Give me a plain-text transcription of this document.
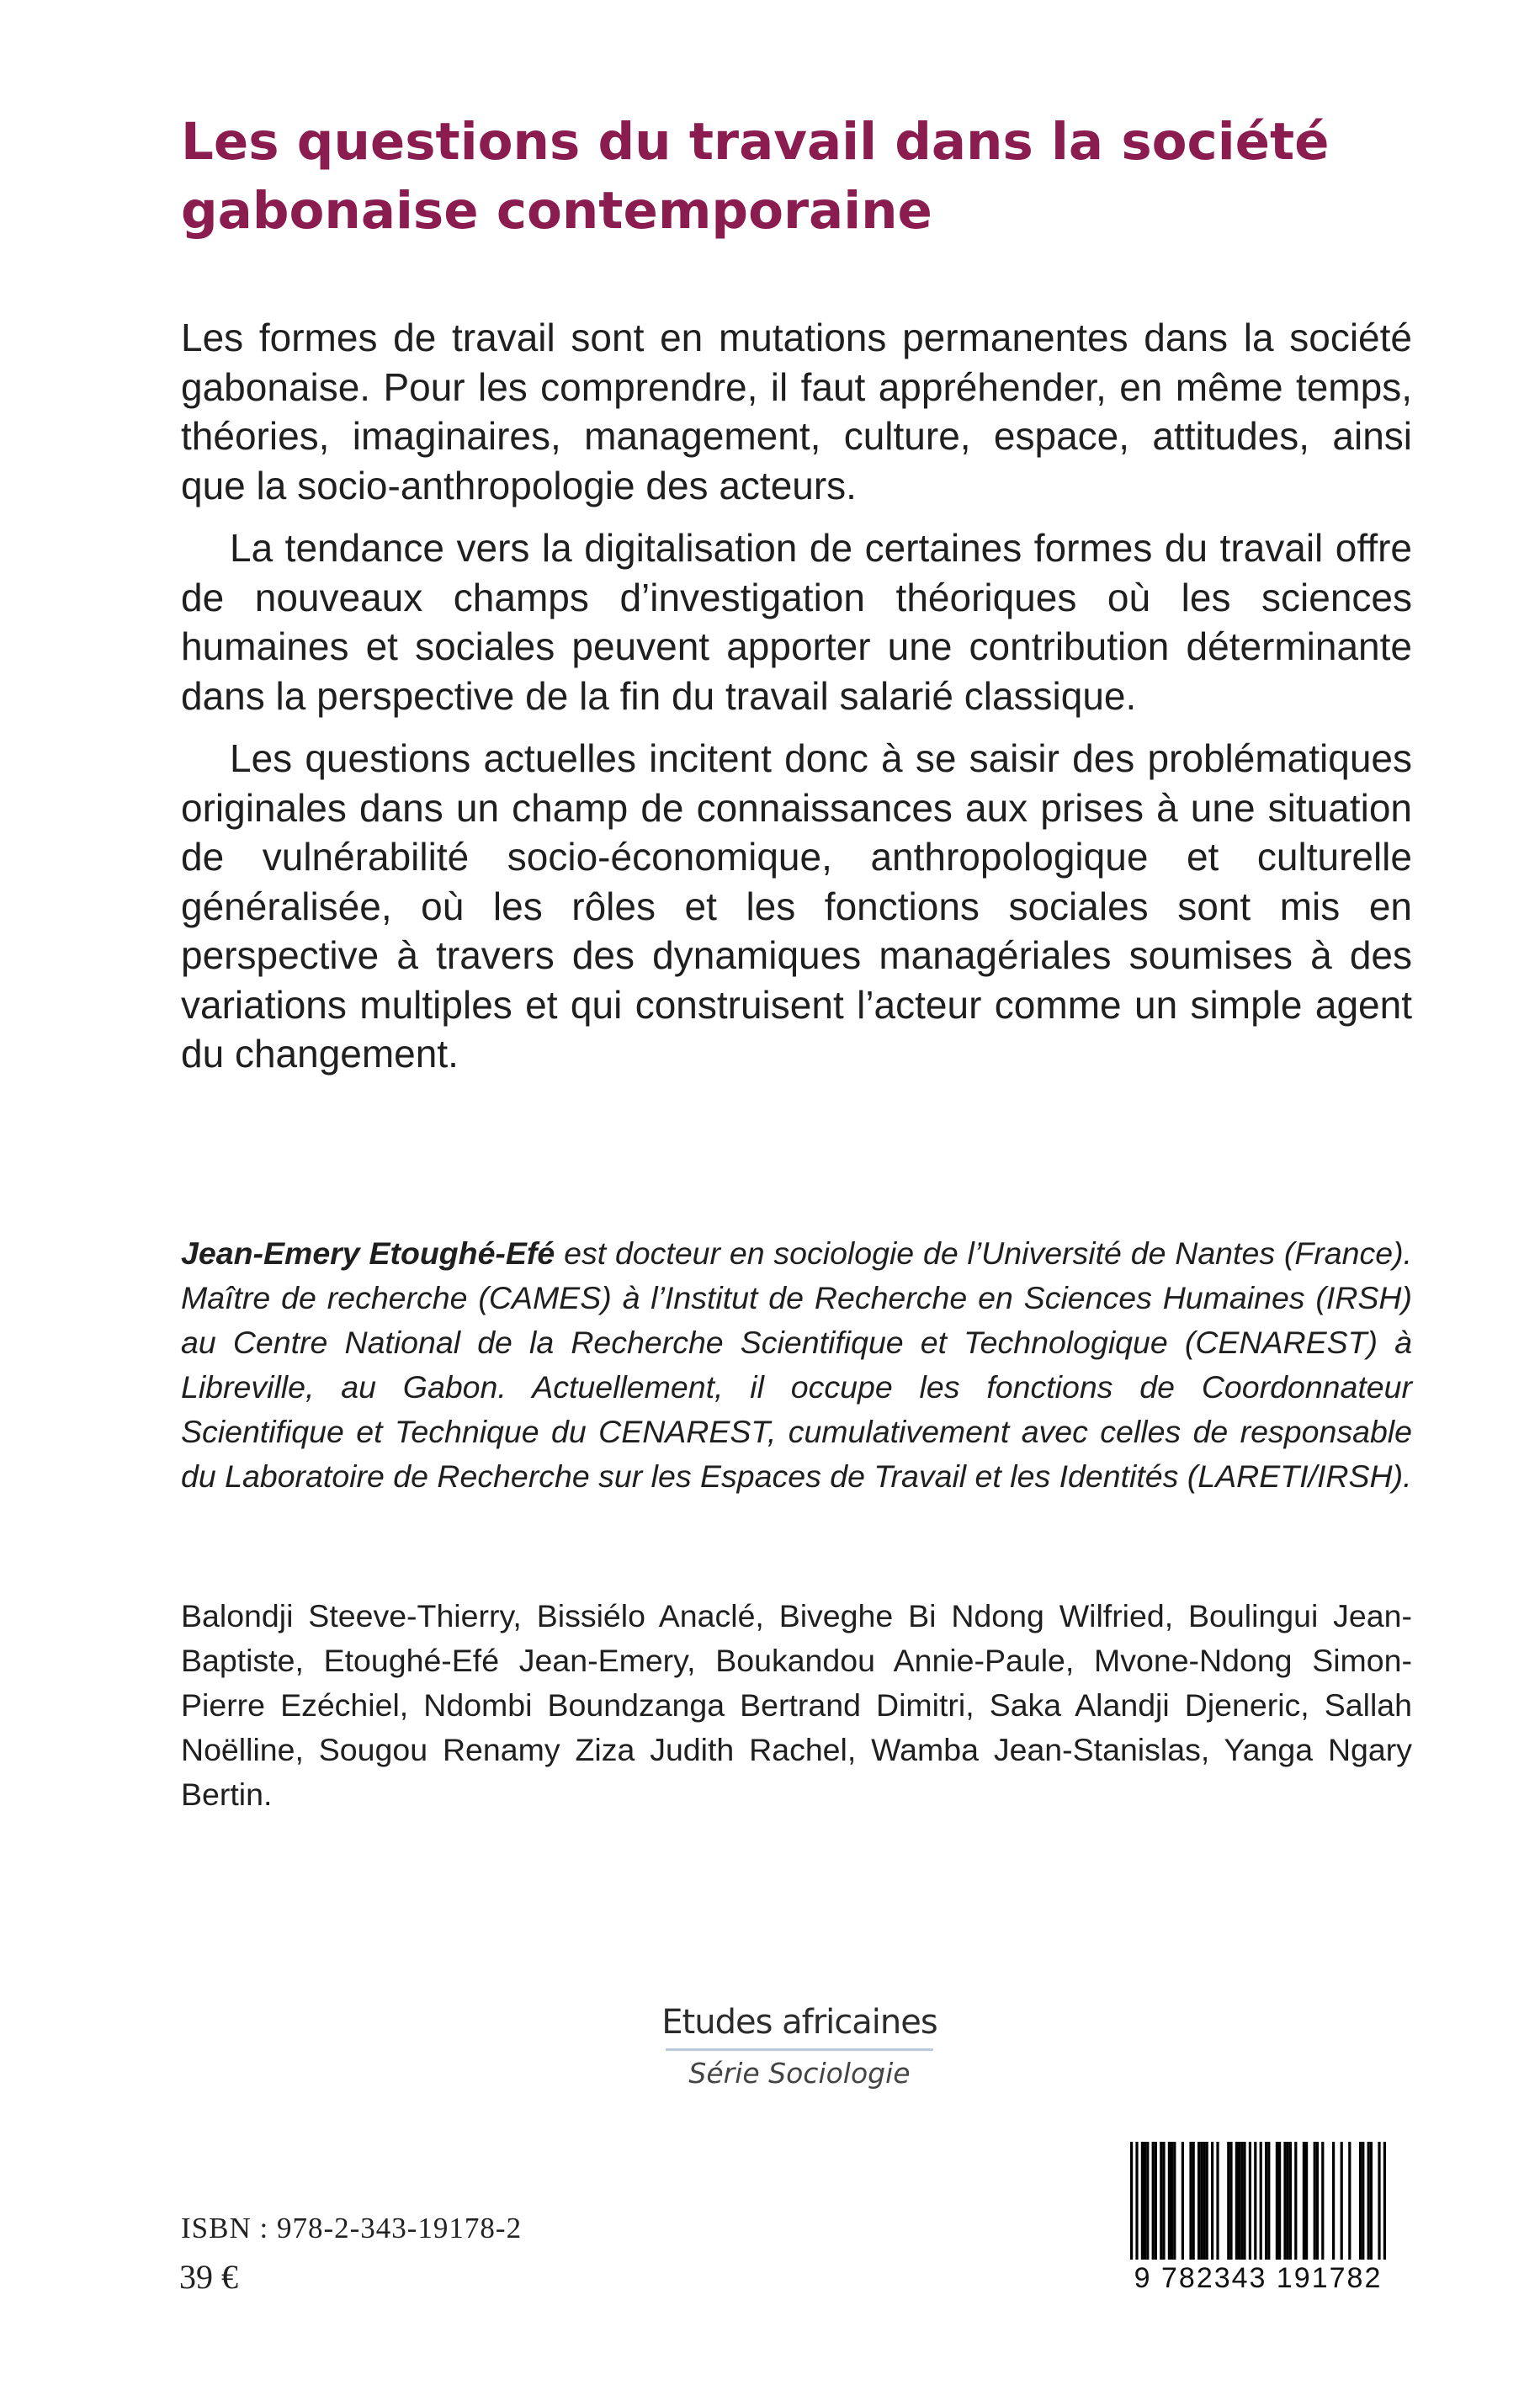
Les questions du travail dans la société
gabonaise contemporaine

Les formes de travail sont en mutations permanentes dans la société gabonaise. Pour les comprendre, il faut appréhender, en même temps, théories, imaginaires, management, culture, espace, attitudes, ainsi que la socio-anthropologie des acteurs.

La tendance vers la digitalisation de certaines formes du travail offre de nouveaux champs d’investigation théoriques où les sciences humaines et sociales peuvent apporter une contribution déterminante dans la perspective de la fin du travail salarié classique.

Les questions actuelles incitent donc à se saisir des problématiques originales dans un champ de connaissances aux prises à une situation de vulnérabilité socio-économique, anthropologique et culturelle généralisée, où les rôles et les fonctions sociales sont mis en perspective à travers des dynamiques managériales soumises à des variations multiples et qui construisent l’acteur comme un simple agent du changement.

Jean-Emery Etoughé-Efé est docteur en sociologie de l’Université de Nantes (France). Maître de recherche (CAMES) à l’Institut de Recherche en Sciences Humaines (IRSH) au Centre National de la Recherche Scientifique et Technologique (CENAREST) à Libreville, au Gabon. Actuellement, il occupe les fonctions de Coordonnateur Scientifique et Technique du CENAREST, cumulativement avec celles de responsable du Laboratoire de Recherche sur les Espaces de Travail et les Identités (LARETI/IRSH).

Balondji Steeve-Thierry, Bissiélo Anaclé, Biveghe Bi Ndong Wilfried, Boulingui Jean-Baptiste, Etoughé-Efé Jean-Emery, Boukandou Annie-Paule, Mvone-Ndong Simon-Pierre Ezéchiel, Ndombi Boundzanga Bertrand Dimitri, Saka Alandji Djeneric, Sallah Noëlline, Sougou Renamy Ziza Judith Rachel, Wamba Jean-Stanislas, Yanga Ngary Bertin.

Etudes africaines
Série Sociologie
ISBN : 978-2-343-19178-2
39 €	9 782343 191782
